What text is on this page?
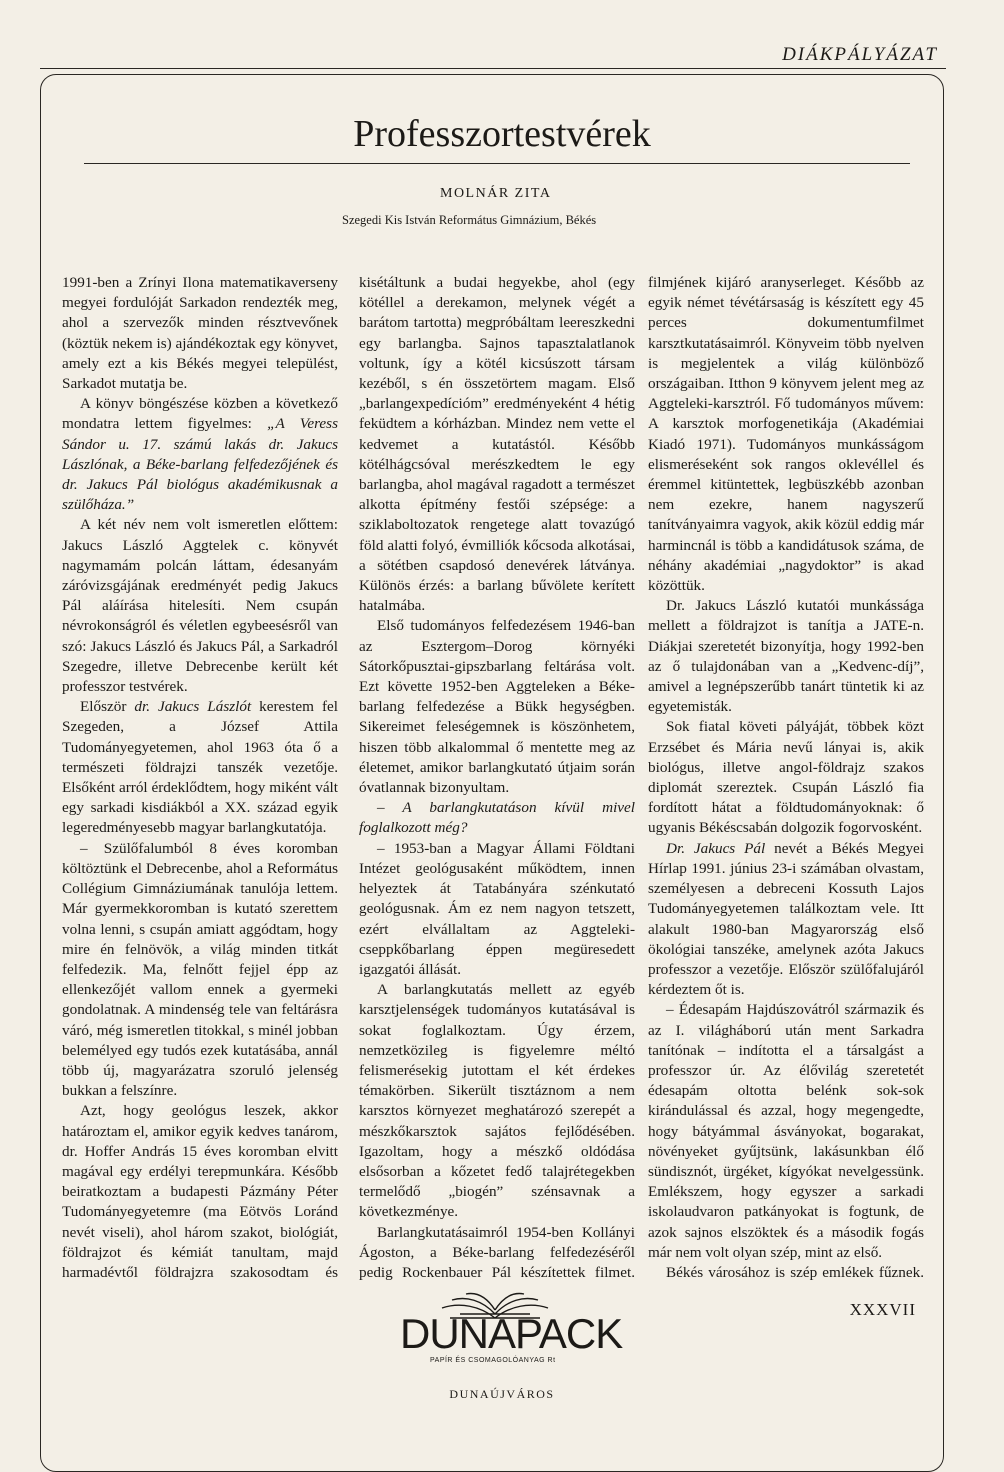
DIÁKPÁLYÁZAT
Professzortestvérek
MOLNÁR ZITA
Szegedi Kis István Református Gimnázium, Békés

1991-ben a Zrínyi Ilona matematikaverseny megyei fordulóját Sarkadon rendezték meg, ahol a szervezők minden résztvevőnek (köztük nekem is) ajándékoztak egy könyvet, amely ezt a kis Békés megyei települést, Sarkadot mutatja be.

A könyv böngészése közben a következő mondatra lettem figyelmes: „A Veress Sándor u. 17. számú lakás dr. Jakucs Lászlónak, a Béke-barlang felfedezőjének és dr. Jakucs Pál biológus akadémikusnak a szülőháza.”

A két név nem volt ismeretlen előttem: Jakucs László Aggtelek c. könyvét nagymamám polcán láttam, édesanyám záróvizsgájának eredményét pedig Jakucs Pál aláírása hitelesíti. Nem csupán névrokonságról és véletlen egybeesésről van szó: Jakucs László és Jakucs Pál, a Sarkadról Szegedre, illetve Debrecenbe került két professzor testvérek.

Először dr. Jakucs Lászlót kerestem fel Szegeden, a József Attila Tudományegyetemen, ahol 1963 óta ő a természeti földrajzi tanszék vezetője. Elsőként arról érdeklődtem, hogy miként vált egy sarkadi kisdiákból a XX. század egyik legeredményesebb magyar barlangkutatója.

– Szülőfalumból 8 éves koromban költöztünk el Debrecenbe, ahol a Református Collégium Gimnáziumának tanulója lettem. Már gyermekkoromban is kutató szerettem volna lenni, s csupán amiatt aggódtam, hogy mire én felnövök, a világ minden titkát felfedezik. Ma, felnőtt fejjel épp az ellenkezőjét vallom ennek a gyermeki gondolatnak. A mindenség tele van feltárásra váró, még ismeretlen titokkal, s minél jobban belemélyed egy tudós ezek kutatásába, annál több új, magyarázatra szoruló jelenség bukkan a felszínre.

Azt, hogy geológus leszek, akkor határoztam el, amikor egyik kedves tanárom, dr. Hoffer András 15 éves koromban elvitt magával egy erdélyi terepmunkára. Később beiratkoztam a budapesti Pázmány Péter Tudományegyetemre (ma Eötvös Loránd nevét viseli), ahol három szakot, biológiát, földrajzot és kémiát tanultam, majd harmadévtől földrajzra szakosodtam és

kisétáltunk a budai hegyekbe, ahol (egy kötéllel a derekamon, melynek végét a barátom tartotta) megpróbáltam leereszkedni egy barlangba. Sajnos tapasztalatlanok voltunk, így a kötél kicsúszott társam kezéből, s én összetörtem magam. Első „barlangexpedícióm” eredményeként 4 hétig feküdtem a kórházban. Mindez nem vette el kedvemet a kutatástól. Később kötélhágcsóval merészkedtem le egy barlangba, ahol magával ragadott a természet alkotta építmény festői szépsége: a sziklaboltozatok rengetege alatt tovazúgó föld alatti folyó, évmilliók kőcsoda alkotásai, a sötétben csapdosó denevérek látványa. Különös érzés: a barlang bűvölete kerített hatalmába.

Első tudományos felfedezésem 1946-ban az Esztergom–Dorog környéki Sátorkőpusztai-gipszbarlang feltárása volt. Ezt követte 1952-ben Aggteleken a Béke-barlang felfedezése a Bükk hegységben. Sikereimet feleségemnek is köszönhetem, hiszen több alkalommal ő mentette meg az életemet, amikor barlangkutató útjaim során óvatlannak bizonyultam.

– A barlangkutatáson kívül mivel foglalkozott még?

– 1953-ban a Magyar Állami Földtani Intézet geológusaként működtem, innen helyeztek át Tatabányára szénkutató geológusnak. Ám ez nem nagyon tetszett, ezért elvállaltam az Aggteleki-cseppkőbarlang éppen megüresedett igazgatói állását.

A barlangkutatás mellett az egyéb karsztjelenségek tudományos kutatásával is sokat foglalkoztam. Úgy érzem, nemzetközileg is figyelemre méltó felismerésekig jutottam el két érdekes témakörben. Sikerült tisztáznom a nem karsztos környezet meghatározó szerepét a mészkőkarsztok sajátos fejlődésében. Igazoltam, hogy a mészkő oldódása elsősorban a kőzetet fedő talajrétegekben termelődő „biogén” szénsavnak a következménye.

Barlangkutatásaimról 1954-ben Kollányi Ágoston, a Béke-barlang felfedezéséről pedig Rockenbauer Pál készítettek filmet.

filmjének kijáró aranyserleget. Később az egyik német tévétársaság is készített egy 45 perces dokumentumfilmet karsztkutatásaimról. Könyveim több nyelven is megjelentek a világ különböző országaiban. Itthon 9 könyvem jelent meg az Aggteleki-karsztról. Fő tudományos művem: A karsztok morfogenetikája (Akadémiai Kiadó 1971). Tudományos munkásságom elismeréseként sok rangos oklevéllel és éremmel kitüntettek, legbüszkébb azonban nem ezekre, hanem nagyszerű tanítványaimra vagyok, akik közül eddig már harmincnál is több a kandidátusok száma, de néhány akadémiai „nagydoktor” is akad közöttük.

Dr. Jakucs László kutatói munkássága mellett a földrajzot is tanítja a JATE-n. Diákjai szeretetét bizonyítja, hogy 1992-ben az ő tulajdonában van a „Kedvenc-díj”, amivel a legnépszerűbb tanárt tüntetik ki az egyetemisták.

Sok fiatal követi pályáját, többek közt Erzsébet és Mária nevű lányai is, akik biológus, illetve angol-földrajz szakos diplomát szereztek. Csupán László fia fordított hátat a földtudományoknak: ő ugyanis Békéscsabán dolgozik fogorvosként.

Dr. Jakucs Pál nevét a Békés Megyei Hírlap 1991. június 23-i számában olvastam, személyesen a debreceni Kossuth Lajos Tudományegyetemen találkoztam vele. Itt alakult 1980-ban Magyarország első ökológiai tanszéke, amelynek azóta Jakucs professzor a vezetője. Először szülőfalujáról kérdeztem őt is.

– Édesapám Hajdúszovátról származik és az I. világháború után ment Sarkadra tanítónak – indította el a társalgást a professzor úr. Az élővilág szeretetét édesapám oltotta belénk sok-sok kirándulással és azzal, hogy megengedte, hogy bátyámmal ásványokat, bogarakat, növényeket gyűjtsünk, lakásunkban élő sündisznót, ürgéket, kígyókat nevelgessünk. Emlékszem, hogy egyszer a sarkadi iskolaudvaron patkányokat is fogtunk, de azok sajnos elszöktek és a második fogás már nem volt olyan szép, mint az első.

Békés városához is szép emlékek fűznek.

XXXVII
DUNAPACK
PAPÍR ÉS CSOMAGOLÓANYAG Rt
DUNAÚJVÁROS
